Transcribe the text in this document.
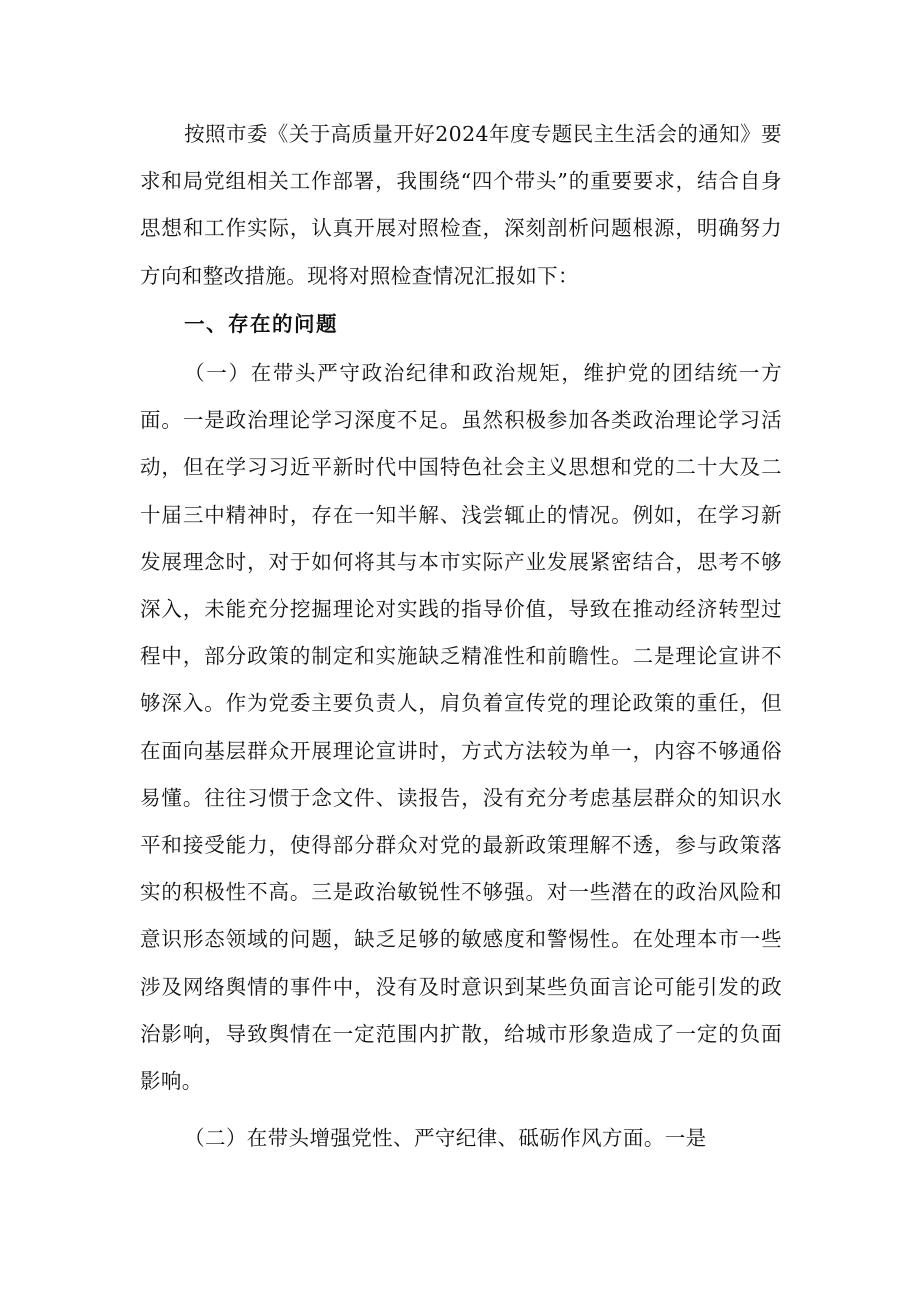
按照市委《关于高质量开好2024年度专题民主生活会的通知》要求和局党组相关工作部署，我围绕“四个带头”的重要要求，结合自身思想和工作实际，认真开展对照检查，深刻剖析问题根源，明确努力方向和整改措施。现将对照检查情况汇报如下：

一、存在的问题

（一）在带头严守政治纪律和政治规矩，维护党的团结统一方面。一是政治理论学习深度不足。虽然积极参加各类政治理论学习活动，但在学习习近平新时代中国特色社会主义思想和党的二十大及二十届三中精神时，存在一知半解、浅尝辄止的情况。例如，在学习新发展理念时，对于如何将其与本市实际产业发展紧密结合，思考不够深入，未能充分挖掘理论对实践的指导价值，导致在推动经济转型过程中，部分政策的制定和实施缺乏精准性和前瞻性。二是理论宣讲不够深入。作为党委主要负责人，肩负着宣传党的理论政策的重任，但在面向基层群众开展理论宣讲时，方式方法较为单一，内容不够通俗易懂。往往习惯于念文件、读报告，没有充分考虑基层群众的知识水平和接受能力，使得部分群众对党的最新政策理解不透，参与政策落实的积极性不高。三是政治敏锐性不够强。对一些潜在的政治风险和意识形态领域的问题，缺乏足够的敏感度和警惕性。在处理本市一些涉及网络舆情的事件中，没有及时意识到某些负面言论可能引发的政治影响，导致舆情在一定范围内扩散，给城市形象造成了一定的负面影响。

（二）在带头增强党性、严守纪律、砥砺作风方面。一是
